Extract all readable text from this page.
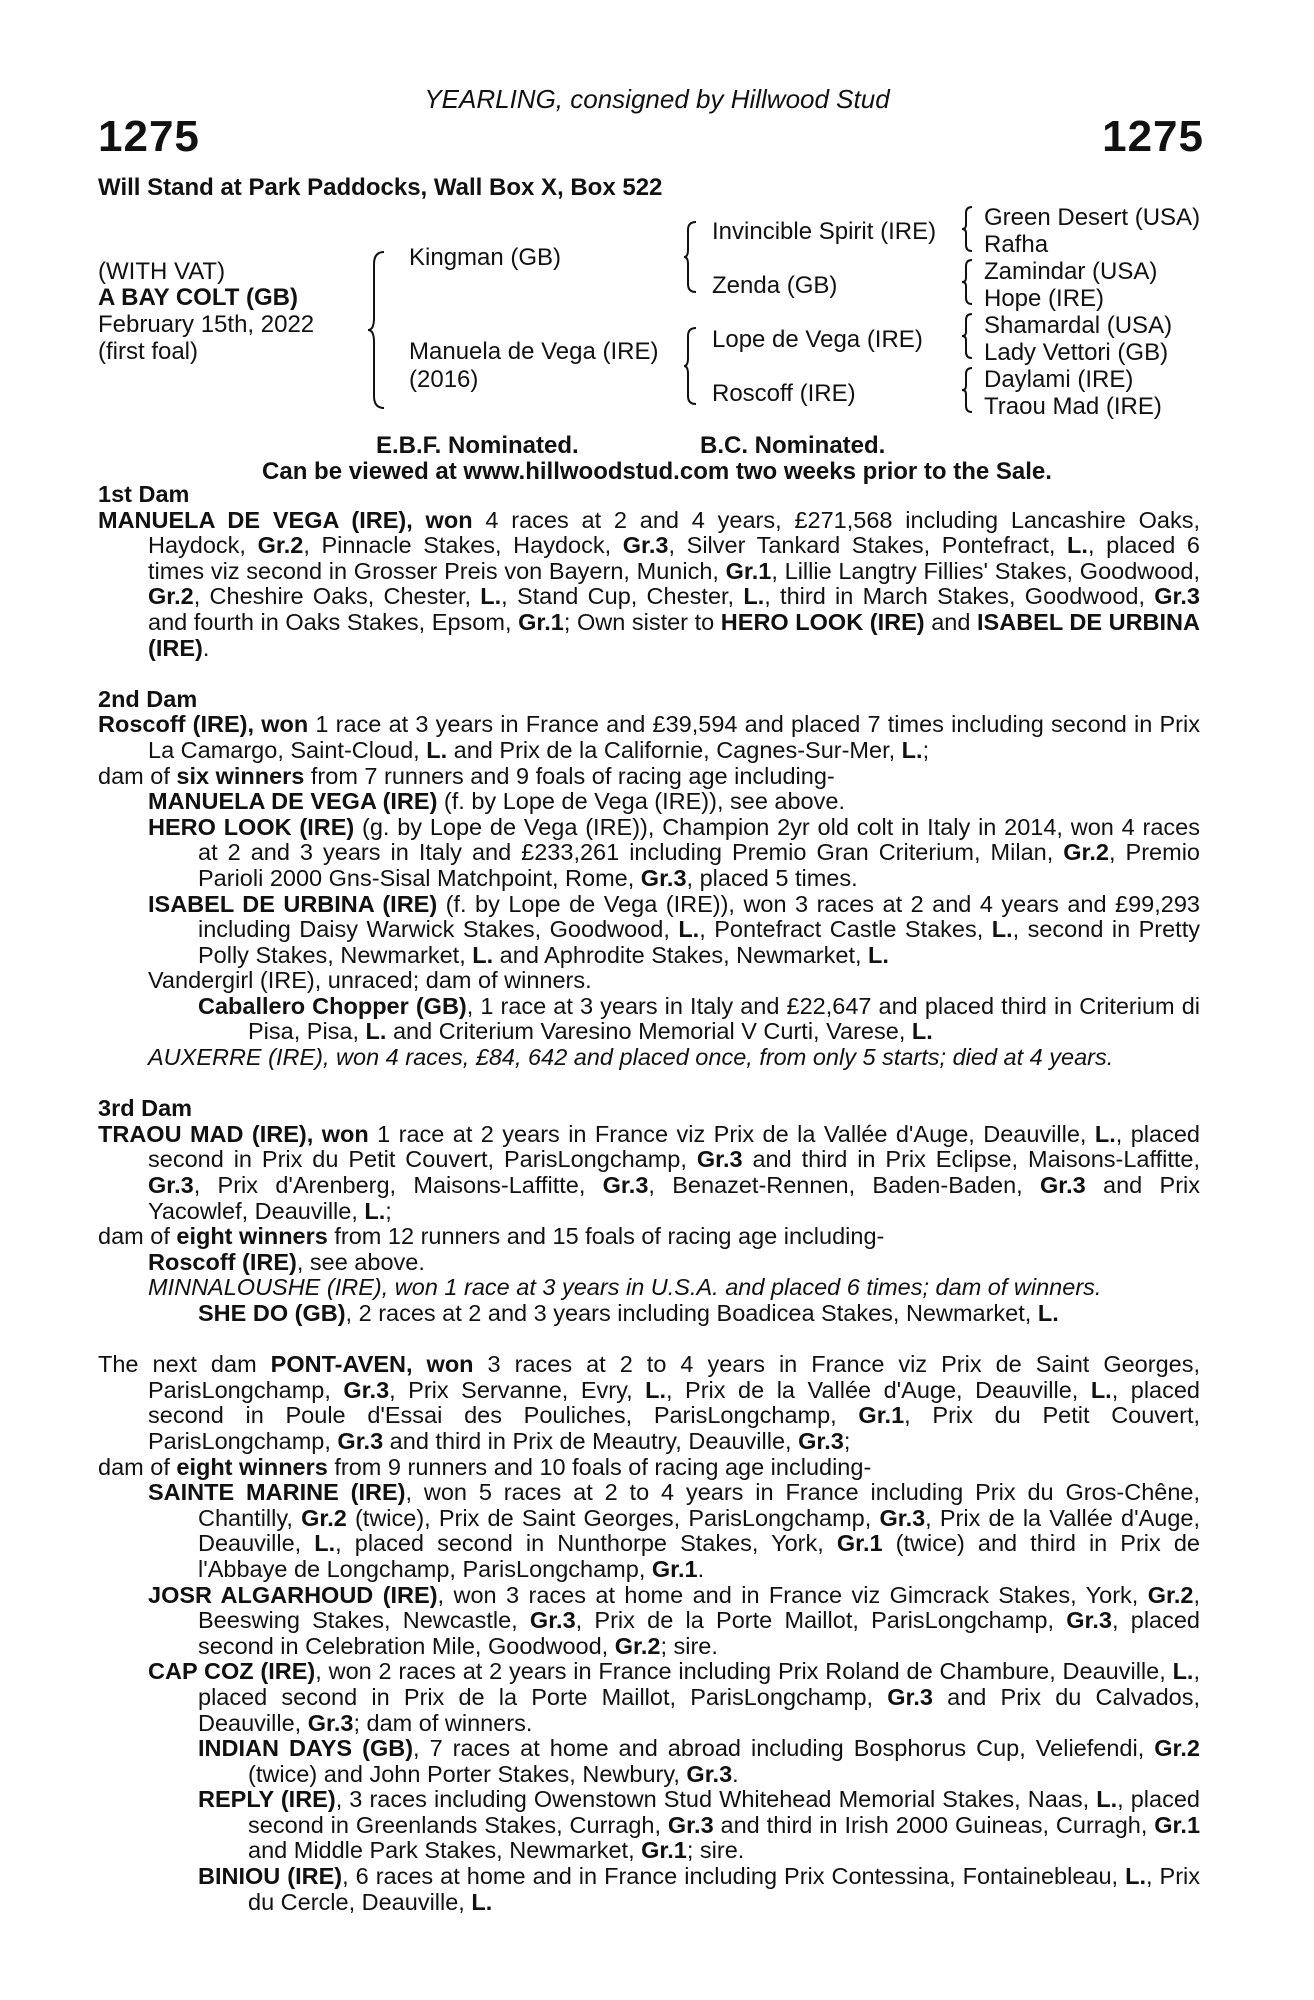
YEARLING, consigned by Hillwood Stud
1275	1275
Will Stand at Park Paddocks, Wall Box X, Box 522
(WITH VAT)
A BAY COLT (GB)
February 15th, 2022
(first foal)
Kingman (GB)
Manuela de Vega (IRE)
(2016)
Invincible Spirit (IRE)
Zenda (GB)
Lope de Vega (IRE)
Roscoff (IRE)
Green Desert (USA)
Rafha
Zamindar (USA)
Hope (IRE)
Shamardal (USA)
Lady Vettori (GB)
Daylami (IRE)
Traou Mad (IRE)
E.B.F. Nominated.	B.C. Nominated.
Can be viewed at www.hillwoodstud.com two weeks prior to the Sale.

1st Dam

MANUELA DE VEGA (IRE), won 4 races at 2 and 4 years, £271,568 including Lancashire Oaks, Haydock, Gr.2, Pinnacle Stakes, Haydock, Gr.3, Silver Tankard Stakes, Pontefract, L., placed 6 times viz second in Grosser Preis von Bayern, Munich, Gr.1, Lillie Langtry Fillies' Stakes, Goodwood, Gr.2, Cheshire Oaks, Chester, L., Stand Cup, Chester, L., third in March Stakes, Goodwood, Gr.3 and fourth in Oaks Stakes, Epsom, Gr.1; Own sister to HERO LOOK (IRE) and ISABEL DE URBINA (IRE).

2nd Dam

Roscoff (IRE), won 1 race at 3 years in France and £39,594 and placed 7 times including second in Prix La Camargo, Saint-Cloud, L. and Prix de la Californie, Cagnes-Sur-Mer, L.;

dam of six winners from 7 runners and 9 foals of racing age including-

MANUELA DE VEGA (IRE) (f. by Lope de Vega (IRE)), see above.

HERO LOOK (IRE) (g. by Lope de Vega (IRE)), Champion 2yr old colt in Italy in 2014, won 4 races at 2 and 3 years in Italy and £233,261 including Premio Gran Criterium, Milan, Gr.2, Premio Parioli 2000 Gns-Sisal Matchpoint, Rome, Gr.3, placed 5 times.

ISABEL DE URBINA (IRE) (f. by Lope de Vega (IRE)), won 3 races at 2 and 4 years and £99,293 including Daisy Warwick Stakes, Goodwood, L., Pontefract Castle Stakes, L., second in Pretty Polly Stakes, Newmarket, L. and Aphrodite Stakes, Newmarket, L.

Vandergirl (IRE), unraced; dam of winners.

Caballero Chopper (GB), 1 race at 3 years in Italy and £22,647 and placed third in Criterium di Pisa, Pisa, L. and Criterium Varesino Memorial V Curti, Varese, L.

AUXERRE (IRE), won 4 races, £84, 642 and placed once, from only 5 starts; died at 4 years.

3rd Dam

TRAOU MAD (IRE), won 1 race at 2 years in France viz Prix de la Vallée d'Auge, Deauville, L., placed second in Prix du Petit Couvert, ParisLongchamp, Gr.3 and third in Prix Eclipse, Maisons-Laffitte, Gr.3, Prix d'Arenberg, Maisons-Laffitte, Gr.3, Benazet-Rennen, Baden-Baden, Gr.3 and Prix Yacowlef, Deauville, L.;

dam of eight winners from 12 runners and 15 foals of racing age including-

Roscoff (IRE), see above.

MINNALOUSHE (IRE), won 1 race at 3 years in U.S.A. and placed 6 times; dam of winners.

SHE DO (GB), 2 races at 2 and 3 years including Boadicea Stakes, Newmarket, L.

The next dam PONT-AVEN, won 3 races at 2 to 4 years in France viz Prix de Saint Georges, ParisLongchamp, Gr.3, Prix Servanne, Evry, L., Prix de la Vallée d'Auge, Deauville, L., placed second in Poule d'Essai des Pouliches, ParisLongchamp, Gr.1, Prix du Petit Couvert, ParisLongchamp, Gr.3 and third in Prix de Meautry, Deauville, Gr.3;

dam of eight winners from 9 runners and 10 foals of racing age including-

SAINTE MARINE (IRE), won 5 races at 2 to 4 years in France including Prix du Gros-Chêne, Chantilly, Gr.2 (twice), Prix de Saint Georges, ParisLongchamp, Gr.3, Prix de la Vallée d'Auge, Deauville, L., placed second in Nunthorpe Stakes, York, Gr.1 (twice) and third in Prix de l'Abbaye de Longchamp, ParisLongchamp, Gr.1.

JOSR ALGARHOUD (IRE), won 3 races at home and in France viz Gimcrack Stakes, York, Gr.2, Beeswing Stakes, Newcastle, Gr.3, Prix de la Porte Maillot, ParisLongchamp, Gr.3, placed second in Celebration Mile, Goodwood, Gr.2; sire.

CAP COZ (IRE), won 2 races at 2 years in France including Prix Roland de Chambure, Deauville, L., placed second in Prix de la Porte Maillot, ParisLongchamp, Gr.3 and Prix du Calvados, Deauville, Gr.3; dam of winners.

INDIAN DAYS (GB), 7 races at home and abroad including Bosphorus Cup, Veliefendi, Gr.2 (twice) and John Porter Stakes, Newbury, Gr.3.

REPLY (IRE), 3 races including Owenstown Stud Whitehead Memorial Stakes, Naas, L., placed second in Greenlands Stakes, Curragh, Gr.3 and third in Irish 2000 Guineas, Curragh, Gr.1 and Middle Park Stakes, Newmarket, Gr.1; sire.

BINIOU (IRE), 6 races at home and in France including Prix Contessina, Fontainebleau, L., Prix du Cercle, Deauville, L.
